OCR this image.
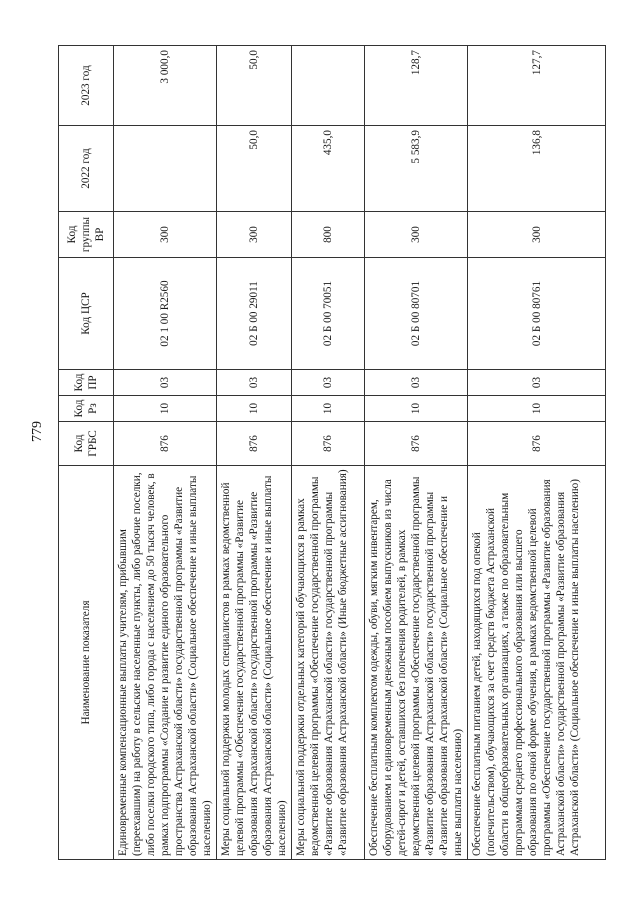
779
Наименование показателя	Код ГРБС	Код Рз	Код ПР	Код ЦСР	Код группы ВР	2022 год	2023 год
Единовременные компенсационные выплаты учителям, прибывшим (переехавшим) на работу в сельские населенные пункты, либо рабочие поселки, либо поселки городского типа, либо города с населением до 50 тысяч человек, в рамках подпрограммы «Создание и развитие единого образовательного пространства Астраханской области» государственной программы «Развитие образования Астраханской области» (Социальное обеспечение и иные выплаты населению)	876	10	03	02 1 00 R2560	300		3 000,0
Меры социальной поддержки молодых специалистов в рамках ведомственной целевой программы «Обеспечение государственной программы «Развитие образования Астраханской области» государственной программы «Развитие образования Астраханской области» (Социальное обеспечение и иные выплаты населению)	876	10	03	02 Б 00 29011	300	50,0	50,0
Меры социальной поддержки отдельных категорий обучающихся в рамках ведомственной целевой программы «Обеспечение государственной программы «Развитие образования Астраханской области» государственной программы «Развитие образования Астраханской области» (Иные бюджетные ассигнования)	876	10	03	02 Б 00 70051	800	435,0	
Обеспечение бесплатным комплектом одежды, обуви, мягким инвентарем, оборудованием и единовременным денежным пособием выпускников из числа детей-сирот и детей, оставшихся без попечения родителей, в рамках ведомственной целевой программы «Обеспечение государственной программы «Развитие образования Астраханской области» государственной программы «Развитие образования Астраханской области» (Социальное обеспечение и иные выплаты населению)	876	10	03	02 Б 00 80701	300	5 583,9	128,7
Обеспечение бесплатным питанием детей, находящихся под опекой (попечительством), обучающихся за счет средств бюджета Астраханской области в общеобразовательных организациях, а также по образовательным программам среднего профессионального образования или высшего образования по очной форме обучения, в рамках ведомственной целевой программы «Обеспечение государственной программы «Развитие образования Астраханской области» государственной программы «Развитие образования Астраханской области» (Социальное обеспечение и иные выплаты населению)	876	10	03	02 Б 00 80761	300	136,8	127,7
